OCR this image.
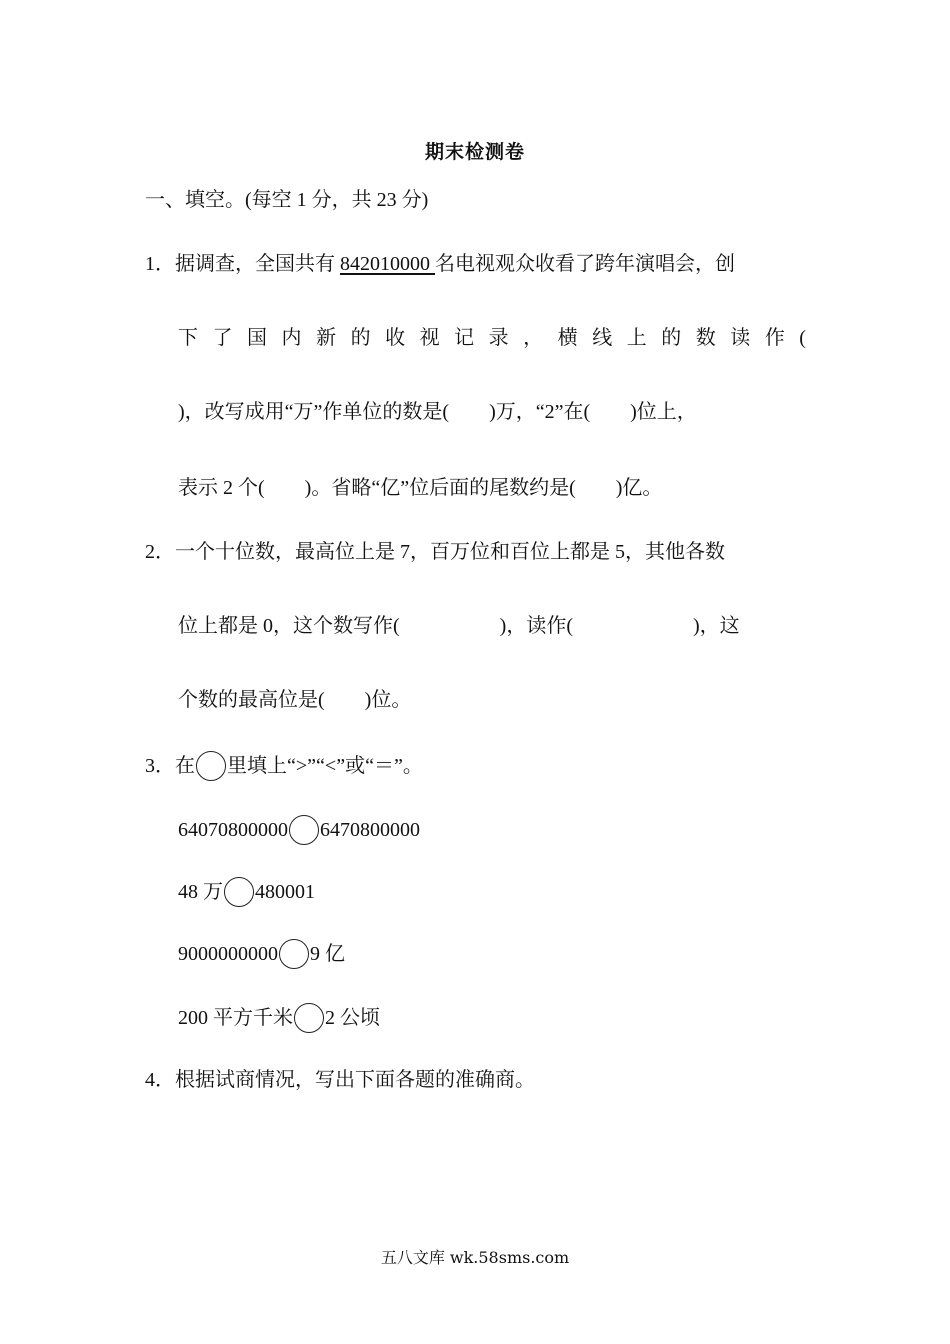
期末检测卷
一、填空。(每空 1 分，共 23 分)
1．据调查，全国共有 842010000 名电视观众收看了跨年演唱会，创
下 了 国 内 新 的 收 视 记 录 ， 横 线 上 的 数 读 作 (
)，改写成用“万”作单位的数是(　　)万，“2”在(　　)位上，
表示 2 个(　　)。省略“亿”位后面的尾数约是(　　)亿。
2．一个十位数，最高位上是 7，百万位和百位上都是 5，其他各数
位上都是 0，这个数写作(　　　　　)，读作(　　　　　　)，这
个数的最高位是(　　)位。
3．在 里填上“>”“<”或“＝”。
64070800000 6470800000
48 万 480001
9000000000 9 亿
200 平方千米 2 公顷
4．根据试商情况，写出下面各题的准确商。
五八文库 wk.58sms.com
